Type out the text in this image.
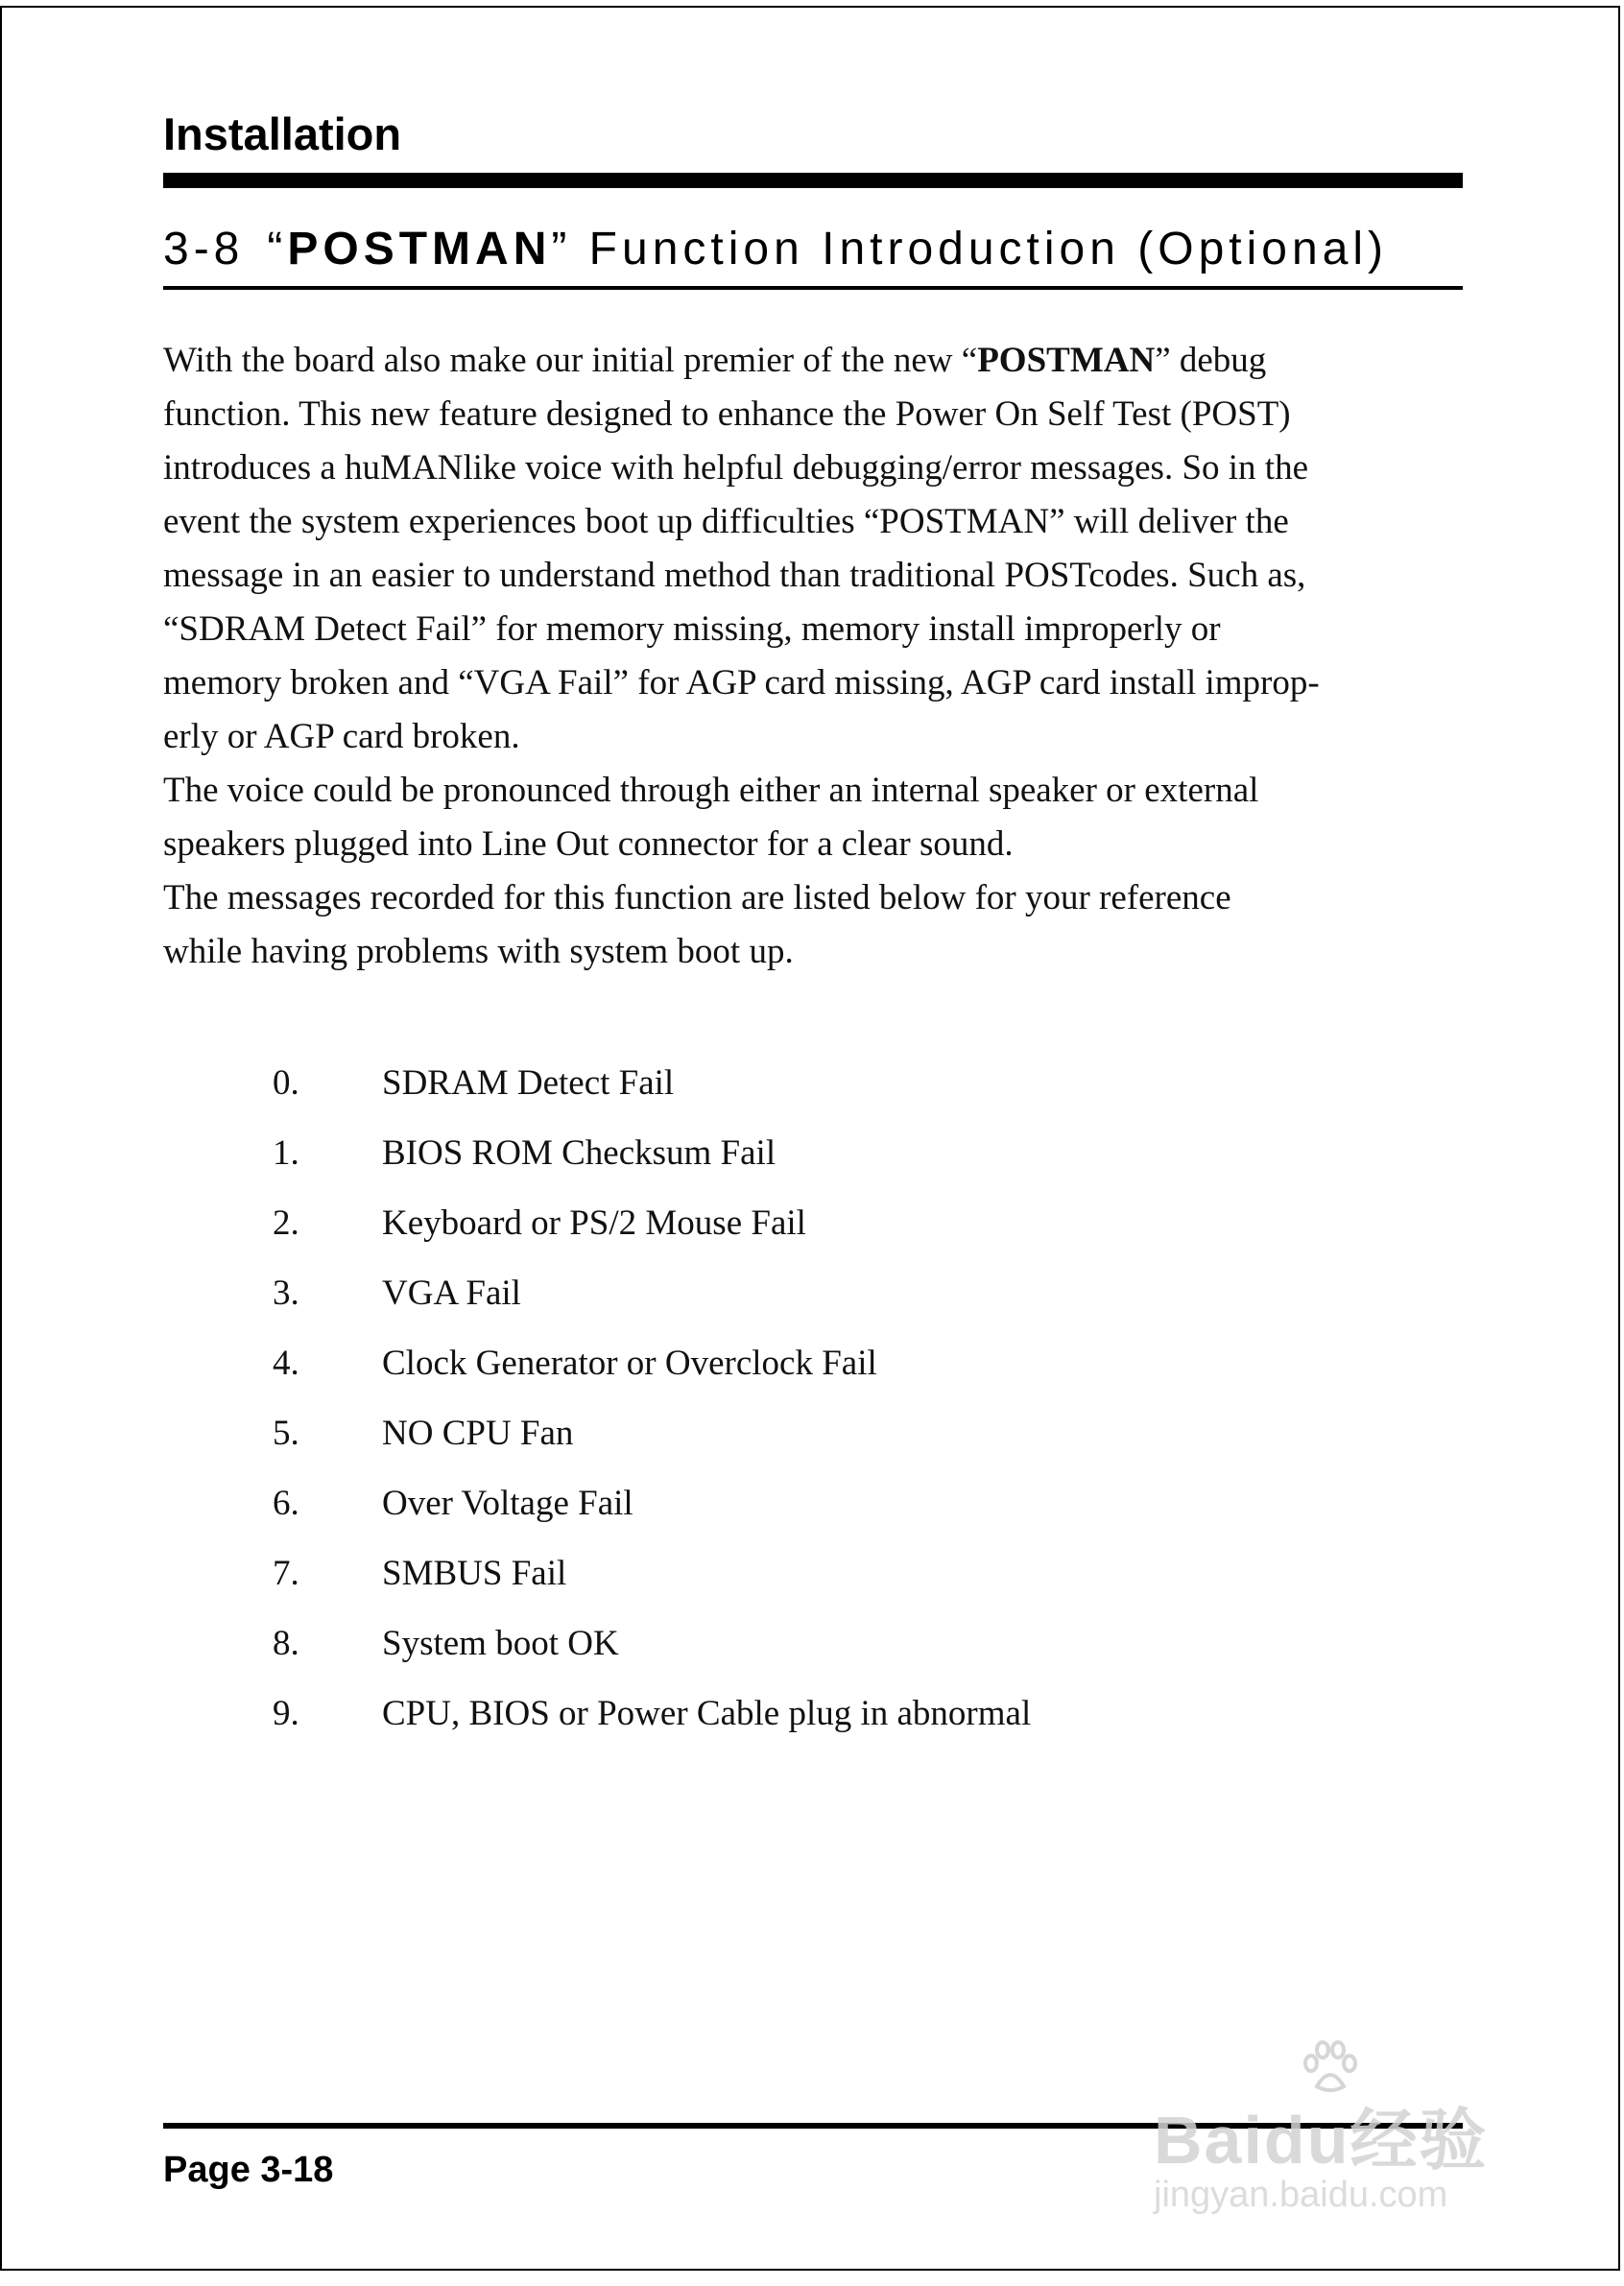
Installation
3-8 “POSTMAN” Function Introduction (Optional)

With the board also make our initial premier of the new “POSTMAN” debug

function. This new feature designed to enhance the Power On Self Test (POST)

introduces a huMANlike voice with helpful debugging/error messages. So in the

event the system experiences boot up difficulties “POSTMAN” will deliver the

message in an easier to understand method than traditional POSTcodes. Such as,

“SDRAM Detect Fail” for memory missing, memory install improperly or

memory broken and “VGA Fail” for AGP card missing, AGP card install improp-

erly or AGP card broken.

The voice could be pronounced through either an internal speaker or external

speakers plugged into Line Out connector for a clear sound.

The messages recorded for this function are listed below for your reference

while having problems with system boot up.

0.	SDRAM Detect Fail
1.	BIOS ROM Checksum Fail
2.	Keyboard or PS/2 Mouse Fail
3.	VGA Fail
4.	Clock Generator or Overclock Fail
5.	NO CPU Fan
6.	Over Voltage Fail
7.	SMBUS Fail
8.	System boot OK
9.	CPU, BIOS or Power Cable plug in abnormal
Page 3-18	Baidu经验
jingyan.baidu.com
